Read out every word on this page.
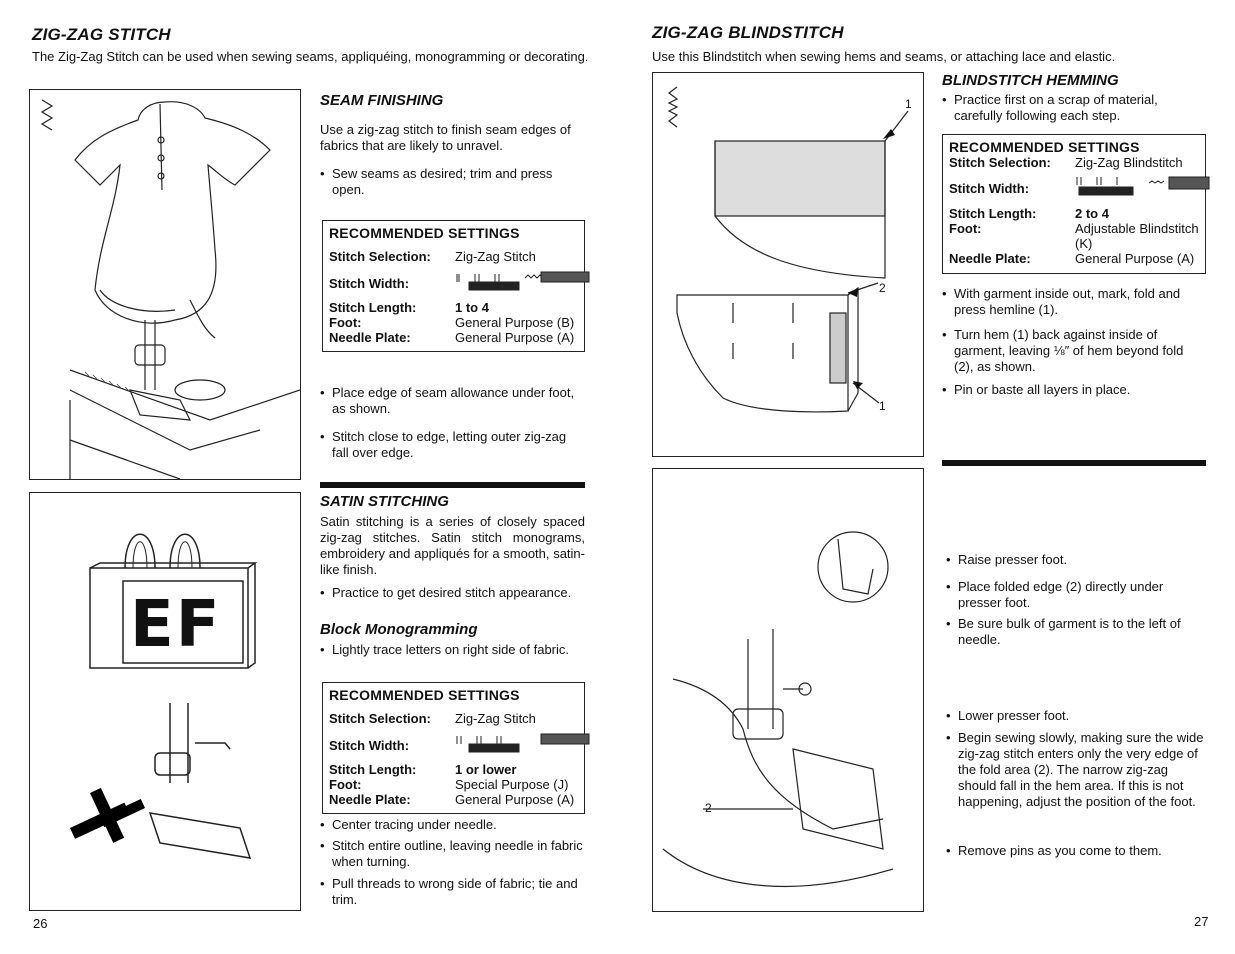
ZIG-ZAG STITCH
The Zig-Zag Stitch can be used when sewing seams, appliquéing, monogramming or decorating.
EF
SEAM FINISHING
Use a zig-zag stitch to finish seam edges of fabrics that are likely to unravel.
• Sew seams as desired; trim and press open.
RECOMMENDED SETTINGS
Stitch Selection:	Zig-Zag Stitch
Stitch Width:
Stitch Length:	1 to 4
Foot:	General Purpose (B)
Needle Plate:	General Purpose (A)
• Place edge of seam allowance under foot, as shown.
• Stitch close to edge, letting outer zig-zag fall over edge.
SATIN STITCHING
Satin stitching is a series of closely spaced zig-zag stitches. Satin stitch monograms, embroidery and appliqués for a smooth, satin-like finish.
• Practice to get desired stitch appearance.
Block Monogramming
• Lightly trace letters on right side of fabric.
RECOMMENDED SETTINGS
Stitch Selection:	Zig-Zag Stitch
Stitch Width:
Stitch Length:	1 or lower
Foot:	Special Purpose (J)
Needle Plate:	General Purpose (A)
• Center tracing under needle.
• Stitch entire outline, leaving needle in fabric when turning.
• Pull threads to wrong side of fabric; tie and trim.
26
ZIG-ZAG BLINDSTITCH
Use this Blindstitch when sewing hems and seams, or attaching lace and elastic.
1
2
1
2
BLINDSTITCH HEMMING
• Practice first on a scrap of material, carefully following each step.
RECOMMENDED SETTINGS
Stitch Selection:	Zig-Zag Blindstitch
Stitch Width:
Stitch Length:	2 to 4
Foot:	Adjustable Blindstitch (K)
Needle Plate:	General Purpose (A)
• With garment inside out, mark, fold and press hemline (1).
• Turn hem (1) back against inside of garment, leaving ⅛″ of hem beyond fold (2), as shown.
• Pin or baste all layers in place.
• Raise presser foot.
• Place folded edge (2) directly under presser foot.
• Be sure bulk of garment is to the left of needle.
• Lower presser foot.
• Begin sewing slowly, making sure the wide zig-zag stitch enters only the very edge of the fold area (2). The narrow zig-zag should fall in the hem area. If this is not happening, adjust the position of the foot.
• Remove pins as you come to them.
27
